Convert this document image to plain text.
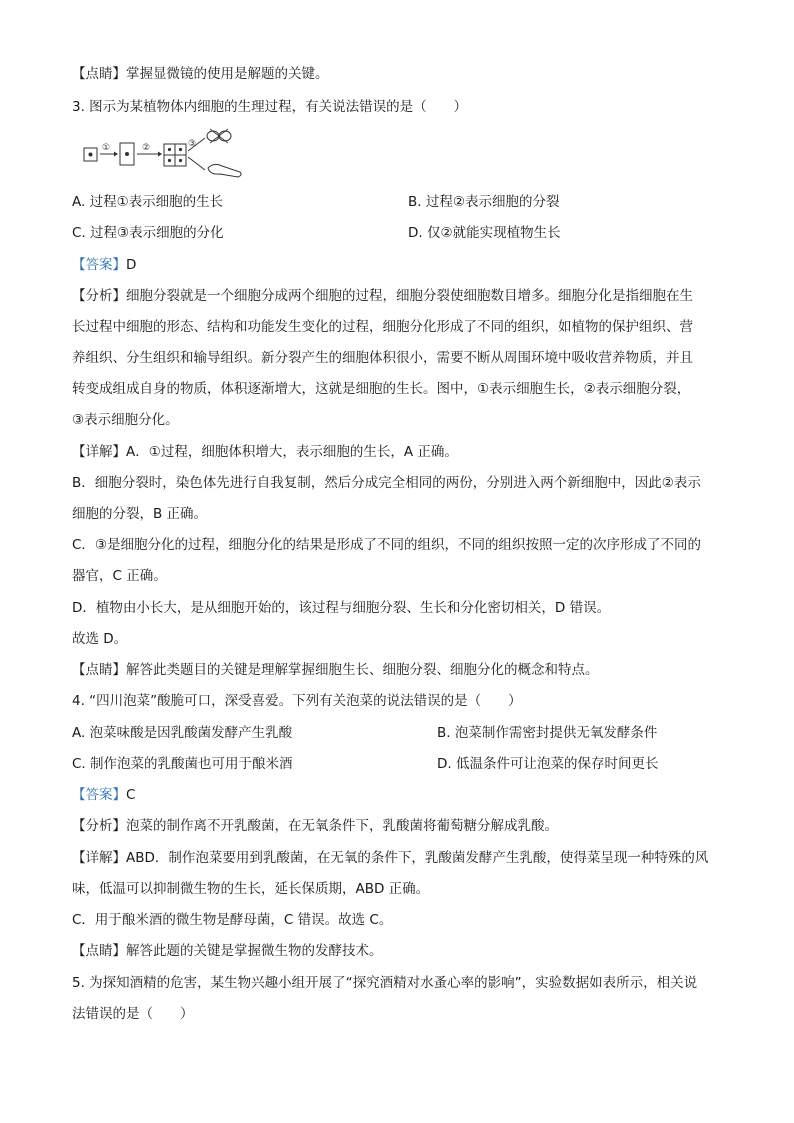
【点睛】掌握显微镜的使用是解题的关键。
3. 图示为某植物体内细胞的生理过程，有关说法错误的是（　　）
①	②	③
A. 过程①表示细胞的生长	B. 过程②表示细胞的分裂
C. 过程③表示细胞的分化	D. 仅②就能实现植物生长
【答案】D
【分析】细胞分裂就是一个细胞分成两个细胞的过程，细胞分裂使细胞数目增多。细胞分化是指细胞在生
长过程中细胞的形态、结构和功能发生变化的过程，细胞分化形成了不同的组织，如植物的保护组织、营
养组织、分生组织和输导组织。新分裂产生的细胞体积很小，需要不断从周围环境中吸收营养物质，并且
转变成组成自身的物质，体积逐渐增大，这就是细胞的生长。图中，①表示细胞生长，②表示细胞分裂，
③表示细胞分化。
【详解】A．①过程，细胞体积增大，表示细胞的生长，A 正确。
B．细胞分裂时，染色体先进行自我复制，然后分成完全相同的两份，分别进入两个新细胞中，因此②表示
细胞的分裂，B 正确。
C．③是细胞分化的过程，细胞分化的结果是形成了不同的组织，不同的组织按照一定的次序形成了不同的
器官，C 正确。
D．植物由小长大，是从细胞开始的，该过程与细胞分裂、生长和分化密切相关，D 错误。
故选 D。
【点睛】解答此类题目的关键是理解掌握细胞生长、细胞分裂、细胞分化的概念和特点。
4. “四川泡菜”酸脆可口，深受喜爱。下列有关泡菜的说法错误的是（　　）
A. 泡菜味酸是因乳酸菌发酵产生乳酸	B. 泡菜制作需密封提供无氧发酵条件
C. 制作泡菜的乳酸菌也可用于酿米酒	D. 低温条件可让泡菜的保存时间更长
【答案】C
【分析】泡菜的制作离不开乳酸菌，在无氧条件下，乳酸菌将葡萄糖分解成乳酸。
【详解】ABD．制作泡菜要用到乳酸菌，在无氧的条件下，乳酸菌发酵产生乳酸，使得菜呈现一种特殊的风
味，低温可以抑制微生物的生长，延长保质期，ABD 正确。
C．用于酿米酒的微生物是酵母菌，C 错误。故选 C。
【点睛】解答此题的关键是掌握微生物的发酵技术。
5. 为探知酒精的危害，某生物兴趣小组开展了“探究酒精对水蚤心率的影响”，实验数据如表所示，相关说
法错误的是（　　）
